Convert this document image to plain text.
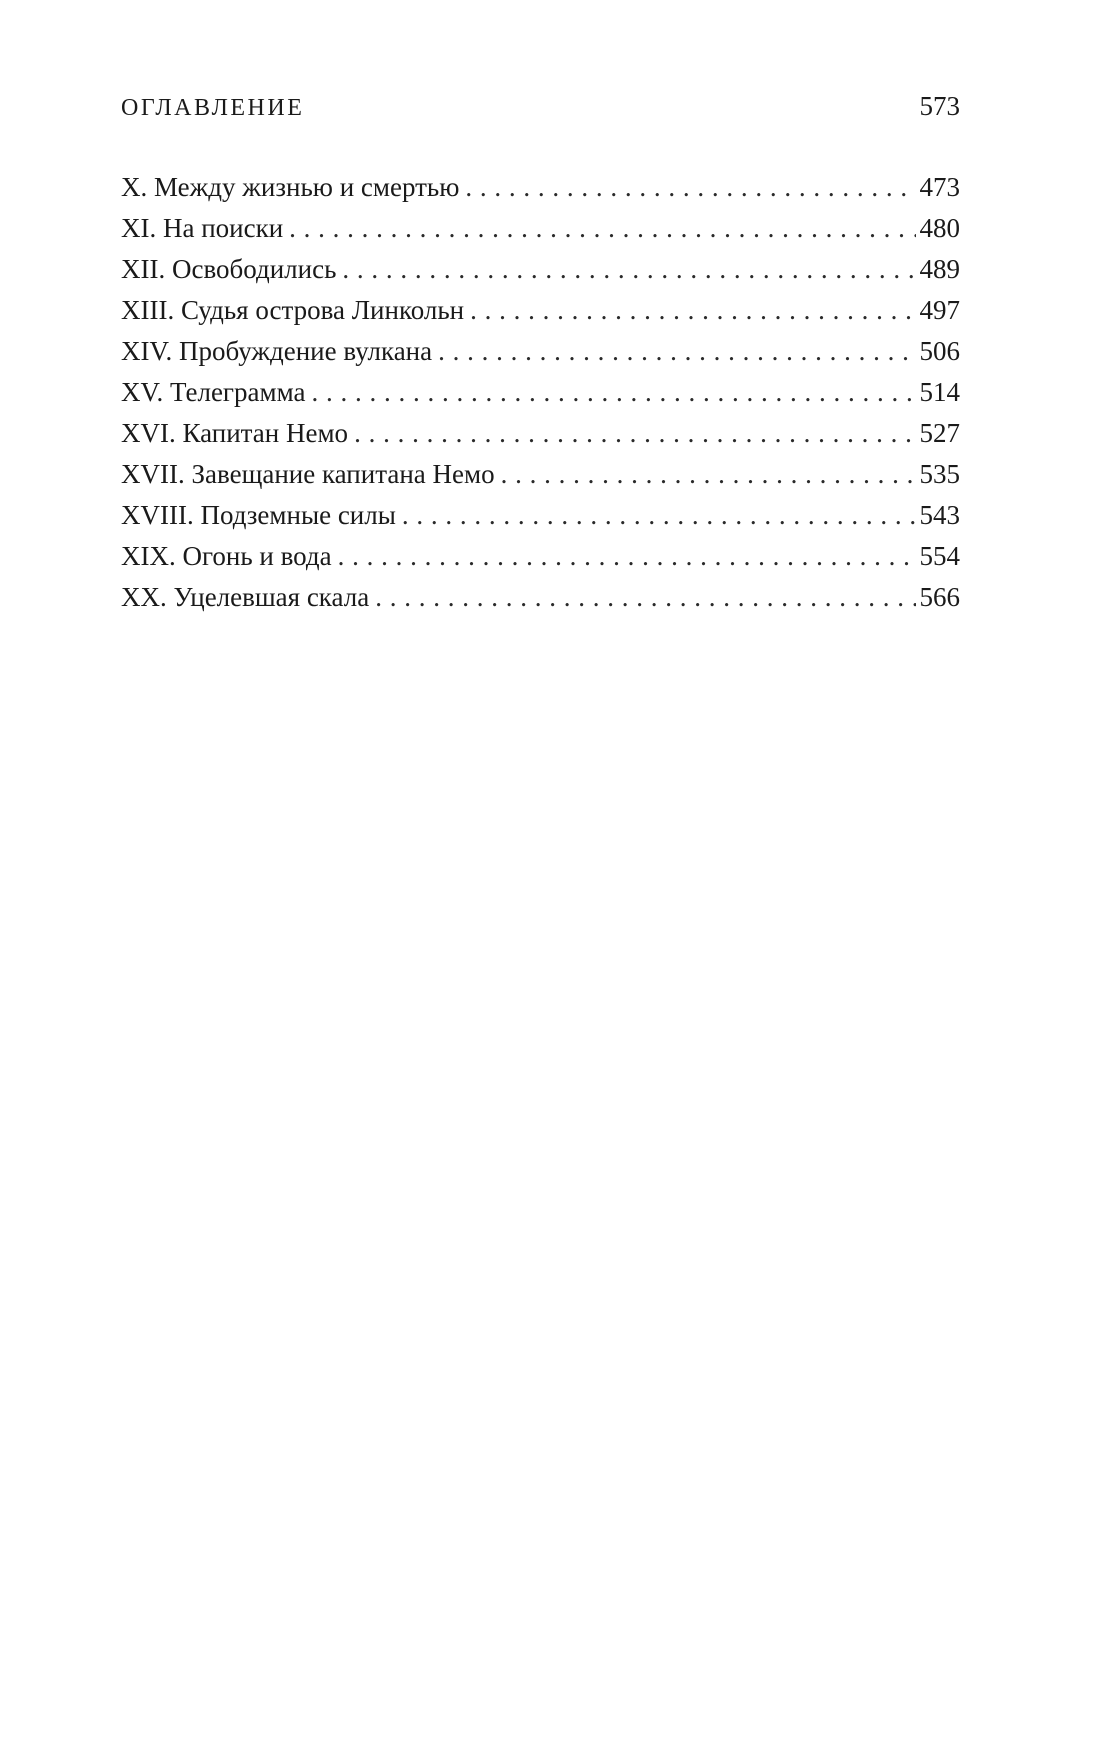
ОГЛАВЛЕНИЕ	573
X. Между жизнью и смертью . . .	473
XI. На поиски . . .	480
XII. Освободились . . .	489
XIII. Судья острова Линкольн . . .	497
XIV. Пробуждение вулкана . . .	506
XV. Телеграмма . . .	514
XVI. Капитан Немо . . .	527
XVII. Завещание капитана Немо . . .	535
XVIII. Подземные силы . . .	543
XIX. Огонь и вода . . .	554
XX. Уцелевшая скала . . .	566
